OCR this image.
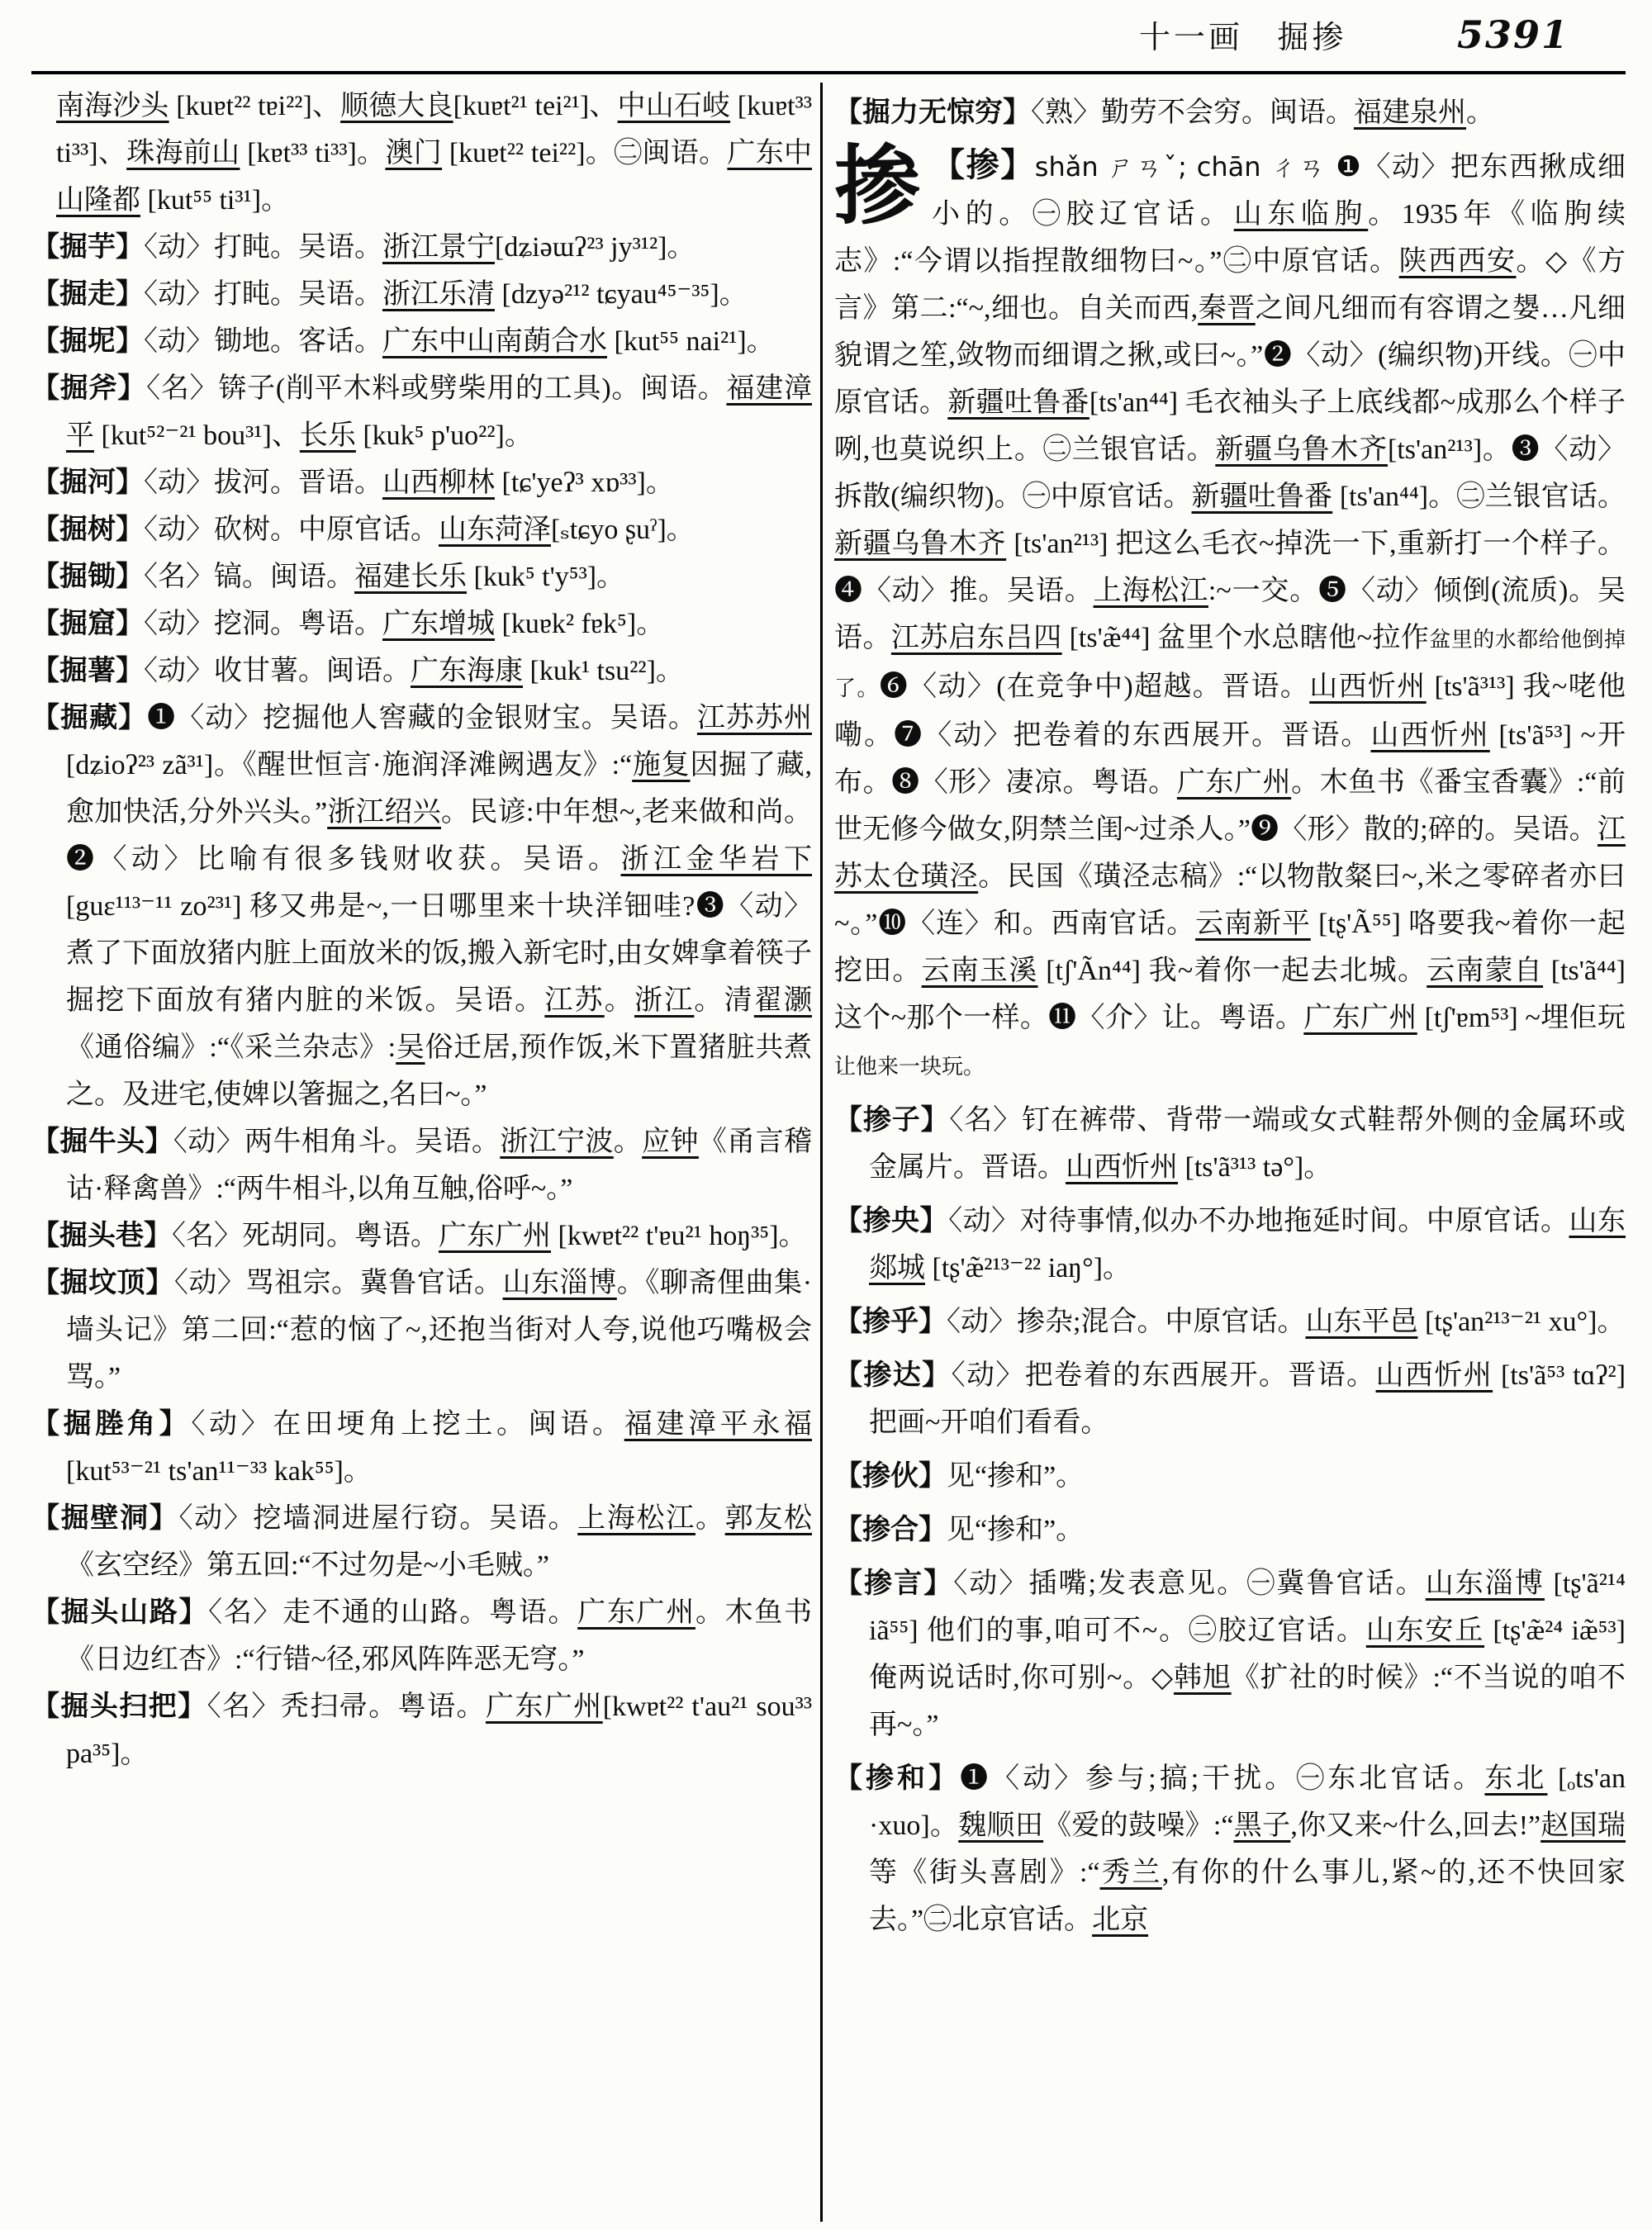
十一画 掘掺	5391
南海沙头 [kuɐt²² tɐi²²]、顺德大良[kuɐt²¹ tei²¹]、中山石岐 [kuɐt³³ ti³³]、珠海前山 [kɐt³³ ti³³]。澳门 [kuɐt²² tei²²]。㊁闽语。广东中山隆都 [kut⁵⁵ ti³¹]。
【掘芋】〈动〉打盹。吴语。浙江景宁[dʑiəɯʔ²³ jy³¹²]。
【掘走】〈动〉打盹。吴语。浙江乐清 [dzyə²¹² tɕyau⁴⁵⁻³⁵]。
【掘坭】〈动〉锄地。客话。广东中山南蓢合水 [kut⁵⁵ nai²¹]。
【掘斧】〈名〉锛子(削平木料或劈柴用的工具)。闽语。福建漳平 [kut⁵²⁻²¹ bou³¹]、长乐 [kuk⁵ p'uo²²]。
【掘河】〈动〉拔河。晋语。山西柳林 [tɕ'yeʔ³ xɒ³³]。
【掘树】〈动〉砍树。中原官话。山东菏泽[ₛtɕyo ʂuˀ]。
【掘锄】〈名〉镐。闽语。福建长乐 [kuk⁵ t'y⁵³]。
【掘窟】〈动〉挖洞。粤语。广东增城 [kuɐk² fɐk⁵]。
【掘薯】〈动〉收甘薯。闽语。广东海康 [kuk¹ tsu²²]。
【掘藏】❶〈动〉挖掘他人窖藏的金银财宝。吴语。江苏苏州 [dʑioʔ²³ zã³¹]。《醒世恒言·施润泽滩阙遇友》:“施复因掘了藏,愈加快活,分外兴头。”浙江绍兴。民谚:中年想~,老来做和尚。❷〈动〉比喻有很多钱财收获。吴语。浙江金华岩下[guɛ¹¹³⁻¹¹ zo²³¹] 移又弗是~,一日哪里来十块洋钿哇?❸〈动〉煮了下面放猪内脏上面放米的饭,搬入新宅时,由女婢拿着筷子掘挖下面放有猪内脏的米饭。吴语。江苏。浙江。清翟灏《通俗编》:“《采兰杂志》:吴俗迁居,预作饭,米下置猪脏共煮之。及进宅,使婢以箸掘之,名曰~。”
【掘牛头】〈动〉两牛相角斗。吴语。浙江宁波。应钟《甬言稽诂·释禽兽》:“两牛相斗,以角互触,俗呼~。”
【掘头巷】〈名〉死胡同。粤语。广东广州 [kwɐt²² t'ɐu²¹ hoŋ³⁵]。
【掘坟顶】〈动〉骂祖宗。冀鲁官话。山东淄博。《聊斋俚曲集·墙头记》第二回:“惹的恼了~,还抱当街对人夸,说他巧嘴极会骂。”
【掘塍角】〈动〉在田埂角上挖土。闽语。福建漳平永福 [kut⁵³⁻²¹ ts'an¹¹⁻³³ kak⁵⁵]。
【掘壁洞】〈动〉挖墙洞进屋行窃。吴语。上海松江。郭友松《玄空经》第五回:“不过勿是~小毛贼。”
【掘头山路】〈名〉走不通的山路。粤语。广东广州。木鱼书《日边红杏》:“行错~径,邪风阵阵恶无穹。”
【掘头扫把】〈名〉秃扫帚。粤语。广东广州[kwɐt²² t'au²¹ sou³³ pa³⁵]。
【掘力无惊穷】〈熟〉勤劳不会穷。闽语。福建泉州。
掺 【掺】shǎn ㄕㄢˇ; chān ㄔㄢ ❶〈动〉把东西揪成细小的。㊀胶辽官话。山东临朐。1935年《临朐续志》:“今谓以指捏散细物曰~。”㊁中原官话。陕西西安。◇《方言》第二:“~,细也。自关而西,秦晋之间凡细而有容谓之嫢…凡细貌谓之笙,敛物而细谓之揪,或曰~。”❷〈动〉(编织物)开线。㊀中原官话。新疆吐鲁番[ts'an⁴⁴] 毛衣袖头子上底线都~成那么个样子咧,也莫说织上。㊁兰银官话。新疆乌鲁木齐[ts'an²¹³]。❸〈动〉拆散(编织物)。㊀中原官话。新疆吐鲁番 [ts'an⁴⁴]。㊁兰银官话。新疆乌鲁木齐 [ts'an²¹³] 把这么毛衣~掉洗一下,重新打一个样子。❹〈动〉推。吴语。上海松江:~一交。❺〈动〉倾倒(流质)。吴语。江苏启东吕四 [ts'æ̃⁴⁴] 盆里个水总瞎他~拉作盆里的水都给他倒掉了。❻〈动〉(在竞争中)超越。晋语。山西忻州 [ts'ã³¹³] 我~咾他嘞。❼〈动〉把卷着的东西展开。晋语。山西忻州 [ts'ã⁵³] ~开布。❽〈形〉凄凉。粤语。广东广州。木鱼书《番宝香囊》:“前世无修今做女,阴禁兰闺~过杀人。”❾〈形〉散的;碎的。吴语。江苏太仓璜泾。民国《璜泾志稿》:“以物散粲曰~,米之零碎者亦曰~。”❿〈连〉和。西南官话。云南新平 [tʂ'Ã⁵⁵] 咯要我~着你一起挖田。云南玉溪 [tʃ'Ãn⁴⁴] 我~着你一起去北城。云南蒙自 [ts'ã⁴⁴] 这个~那个一样。⓫〈介〉让。粤语。广东广州 [tʃ'ɐm⁵³] ~埋佢玩让他来一块玩。
【掺子】〈名〉钉在裤带、背带一端或女式鞋帮外侧的金属环或金属片。晋语。山西忻州 [ts'ã³¹³ tə°]。
【掺央】〈动〉对待事情,似办不办地拖延时间。中原官话。山东郯城 [tʂ'æ̃²¹³⁻²² iaŋ°]。
【掺乎】〈动〉掺杂;混合。中原官话。山东平邑 [tʂ'an²¹³⁻²¹ xu°]。
【掺达】〈动〉把卷着的东西展开。晋语。山西忻州 [ts'ã⁵³ tɑʔ²] 把画~开咱们看看。
【掺伙】见“掺和”。
【掺合】见“掺和”。
【掺言】〈动〉插嘴;发表意见。㊀冀鲁官话。山东淄博 [tʂ'ã²¹⁴ iã⁵⁵] 他们的事,咱可不~。㊁胶辽官话。山东安丘 [tʂ'æ̃²⁴ iæ̃⁵³] 俺两说话时,你可别~。◇韩旭《扩社的时候》:“不当说的咱不再~。”
【掺和】❶〈动〉参与;搞;干扰。㊀东北官话。东北 [ₒts'an ·xuo]。魏顺田《爱的鼓噪》:“黑子,你又来~什么,回去!”赵国瑞等《街头喜剧》:“秀兰,有你的什么事儿,紧~的,还不快回家去。”㊁北京官话。北京
